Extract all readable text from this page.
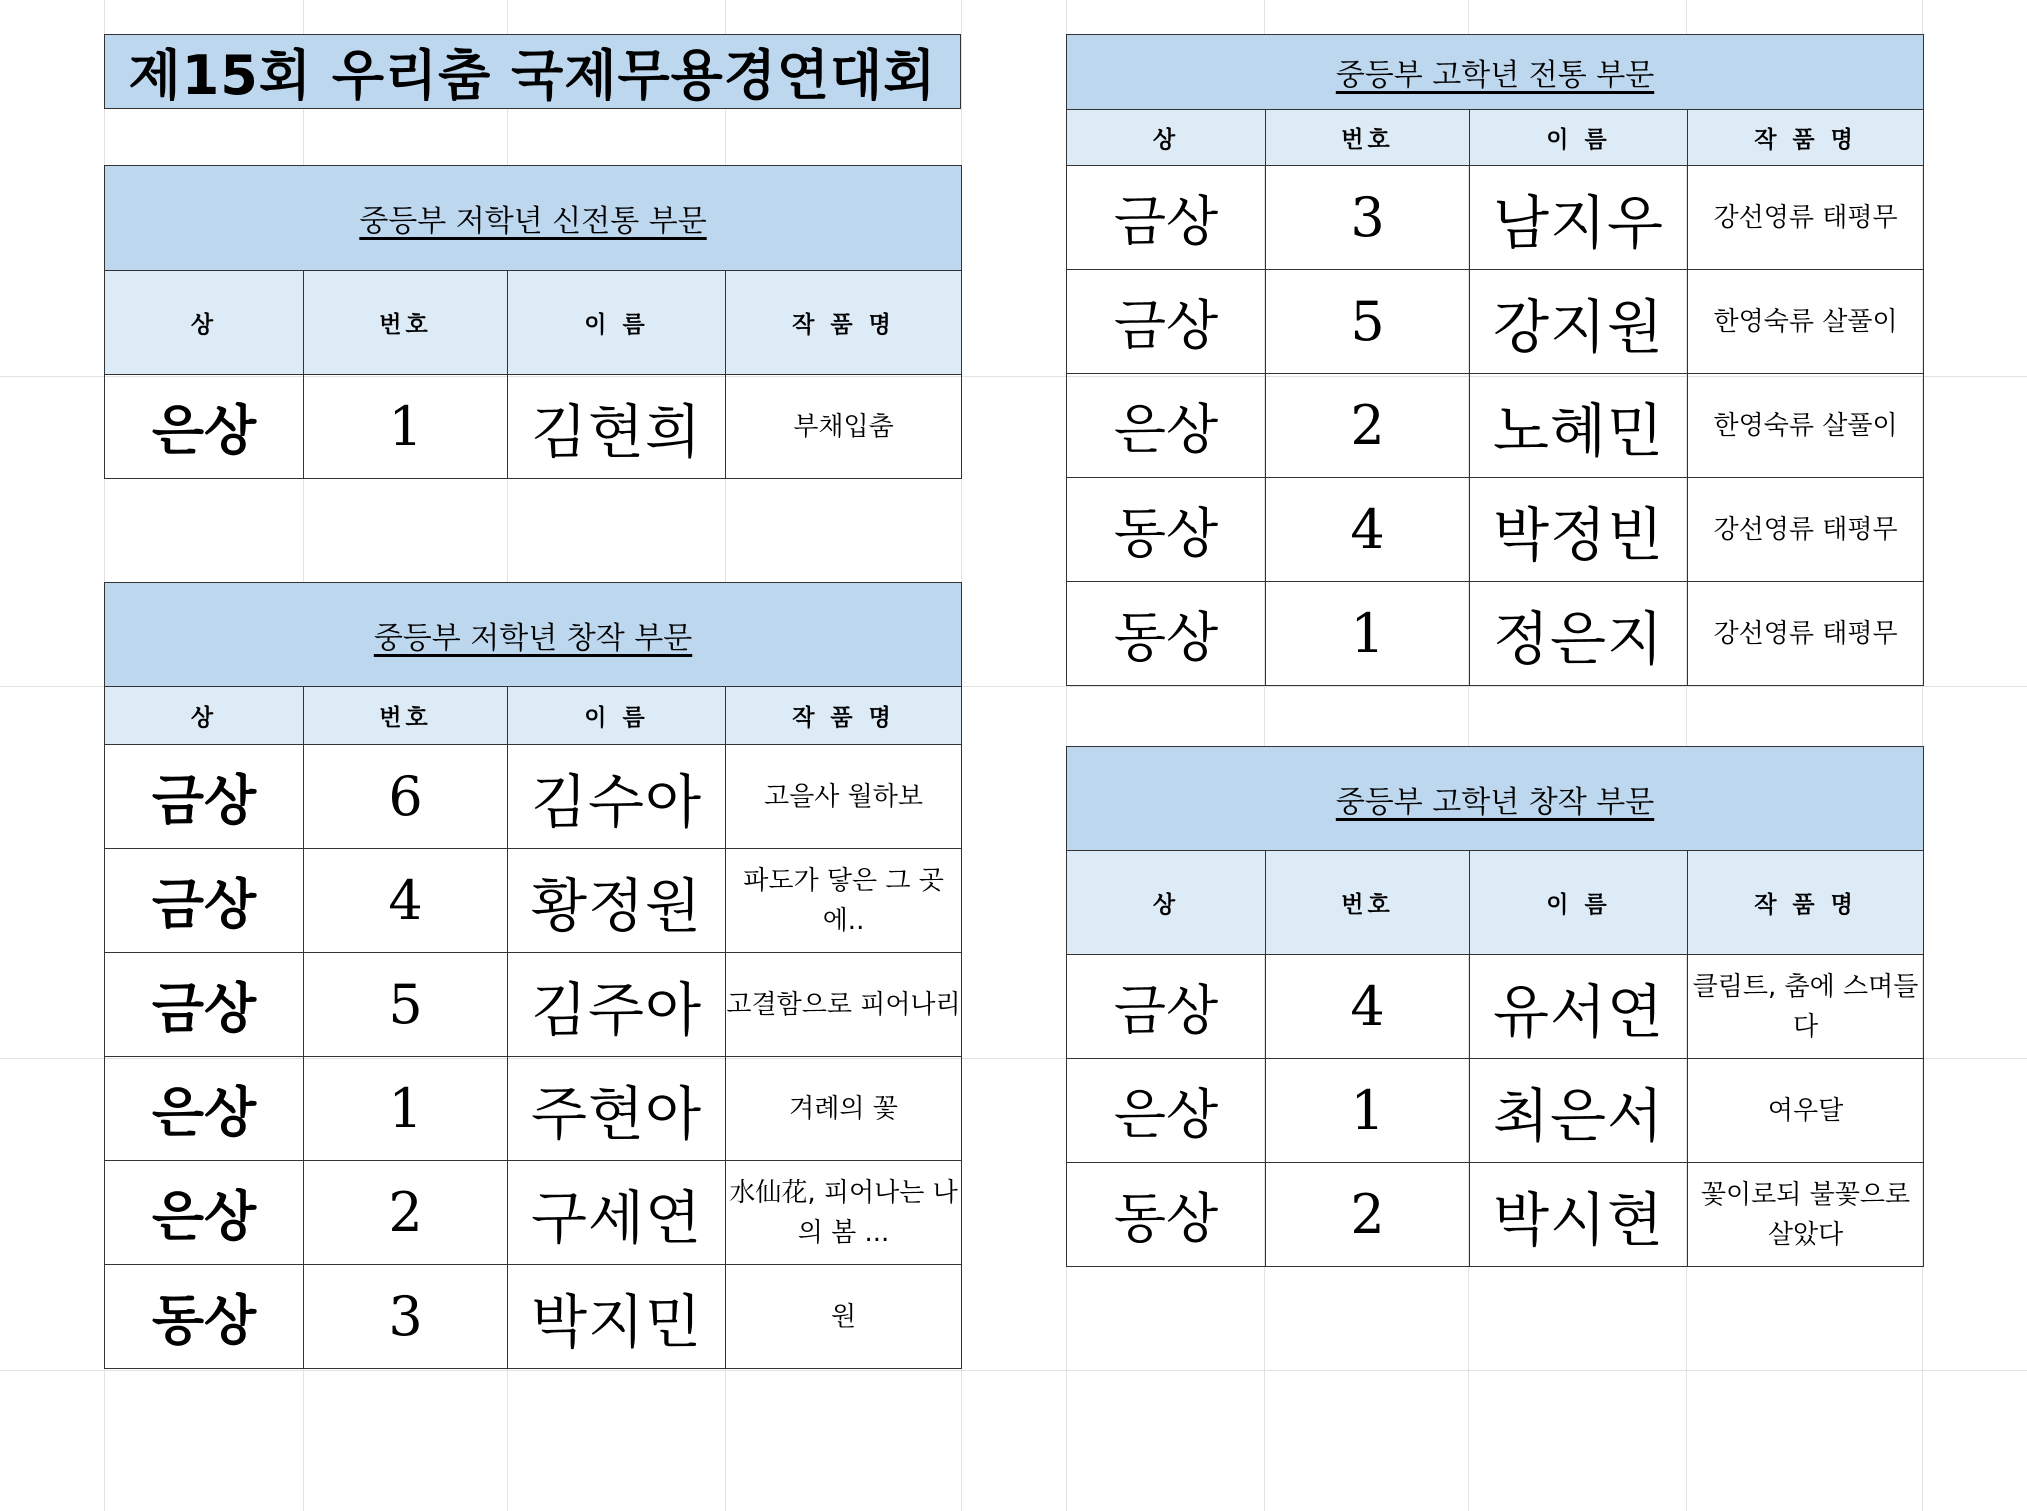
제15회 우리춤 국제무용경연대회
중등부 저학년 신전통 부문			
상	번호	이 름	작 품 명
은상	1	김현희	부채입춤
중등부 저학년 창작 부문			
상	번호	이 름	작 품 명
금상	6	김수아	고을사 월하보
금상	4	황정원	파도가 닿은 그 곳에..
금상	5	김주아	고결함으로 피어나리
은상	1	주현아	겨례의 꽃
은상	2	구세연	水仙花, 피어나는 나의 봄 ...
동상	3	박지민	원
중등부 고학년 전통 부문			
상	번호	이 름	작 품 명
금상	3	남지우	강선영류 태평무
금상	5	강지원	한영숙류 살풀이
은상	2	노혜민	한영숙류 살풀이
동상	4	박정빈	강선영류 태평무
동상	1	정은지	강선영류 태평무
중등부 고학년 창작 부문			
상	번호	이 름	작 품 명
금상	4	유서연	클림트, 춤에 스며들다
은상	1	최은서	여우달
동상	2	박시현	꽃이로되 불꽃으로 살았다
